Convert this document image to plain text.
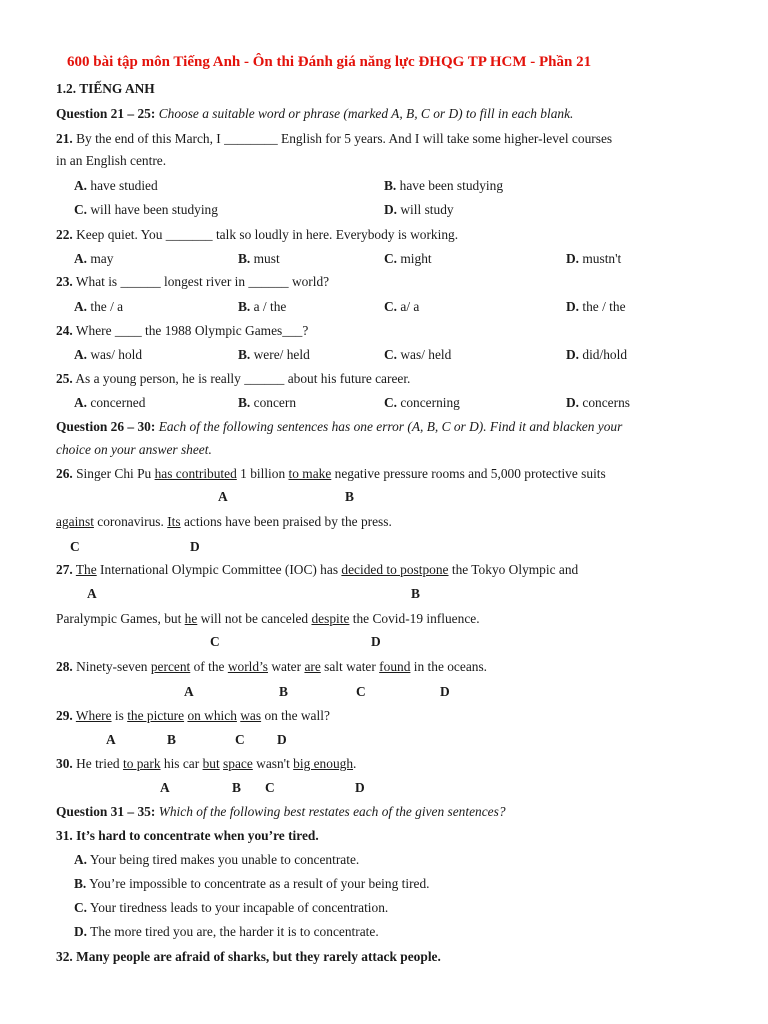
600 bài tập môn Tiếng Anh - Ôn thi Đánh giá năng lực ĐHQG TP HCM - Phần 21
1.2. TIẾNG ANH
Question 21 – 25: Choose a suitable word or phrase (marked A, B, C or D) to fill in each blank.
21. By the end of this March, I ________ English for 5 years. And I will take some higher-level courses
in an English centre.
A. have studied	B. have been studying
C. will have been studying	D. will study
22. Keep quiet. You _______ talk so loudly in here. Everybody is working.
A. may	B. must	C. might	D. mustn't
23. What is ______ longest river in ______ world?
A. the / a	B. a / the	C. a/ a	D. the / the
24. Where ____ the 1988 Olympic Games___?
A. was/ hold	B. were/ held	C. was/ held	D. did/hold
25. As a young person, he is really ______ about his future career.
A. concerned	B. concern	C. concerning	D. concerns
Question 26 – 30: Each of the following sentences has one error (A, B, C or D). Find it and blacken your
choice on your answer sheet.
26. Singer Chi Pu has contributed 1 billion to make negative pressure rooms and 5,000 protective suits
A	B
against coronavirus. Its actions have been praised by the press.
C	D
27. The International Olympic Committee (IOC) has decided to postpone the Tokyo Olympic and
A	B
Paralympic Games, but he will not be canceled despite the Covid-19 influence.
C	D
28. Ninety-seven percent of the world’s water are salt water found in the oceans.
A	B	C	D
29. Where is the picture on which was on the wall?
A	B	C D
30. He tried to park his car but space wasn't big enough.
A	B C	D
Question 31 – 35: Which of the following best restates each of the given sentences?
31. It’s hard to concentrate when you’re tired.
A. Your being tired makes you unable to concentrate.
B. You’re impossible to concentrate as a result of your being tired.
C. Your tiredness leads to your incapable of concentration.
D. The more tired you are, the harder it is to concentrate.
32. Many people are afraid of sharks, but they rarely attack people.
